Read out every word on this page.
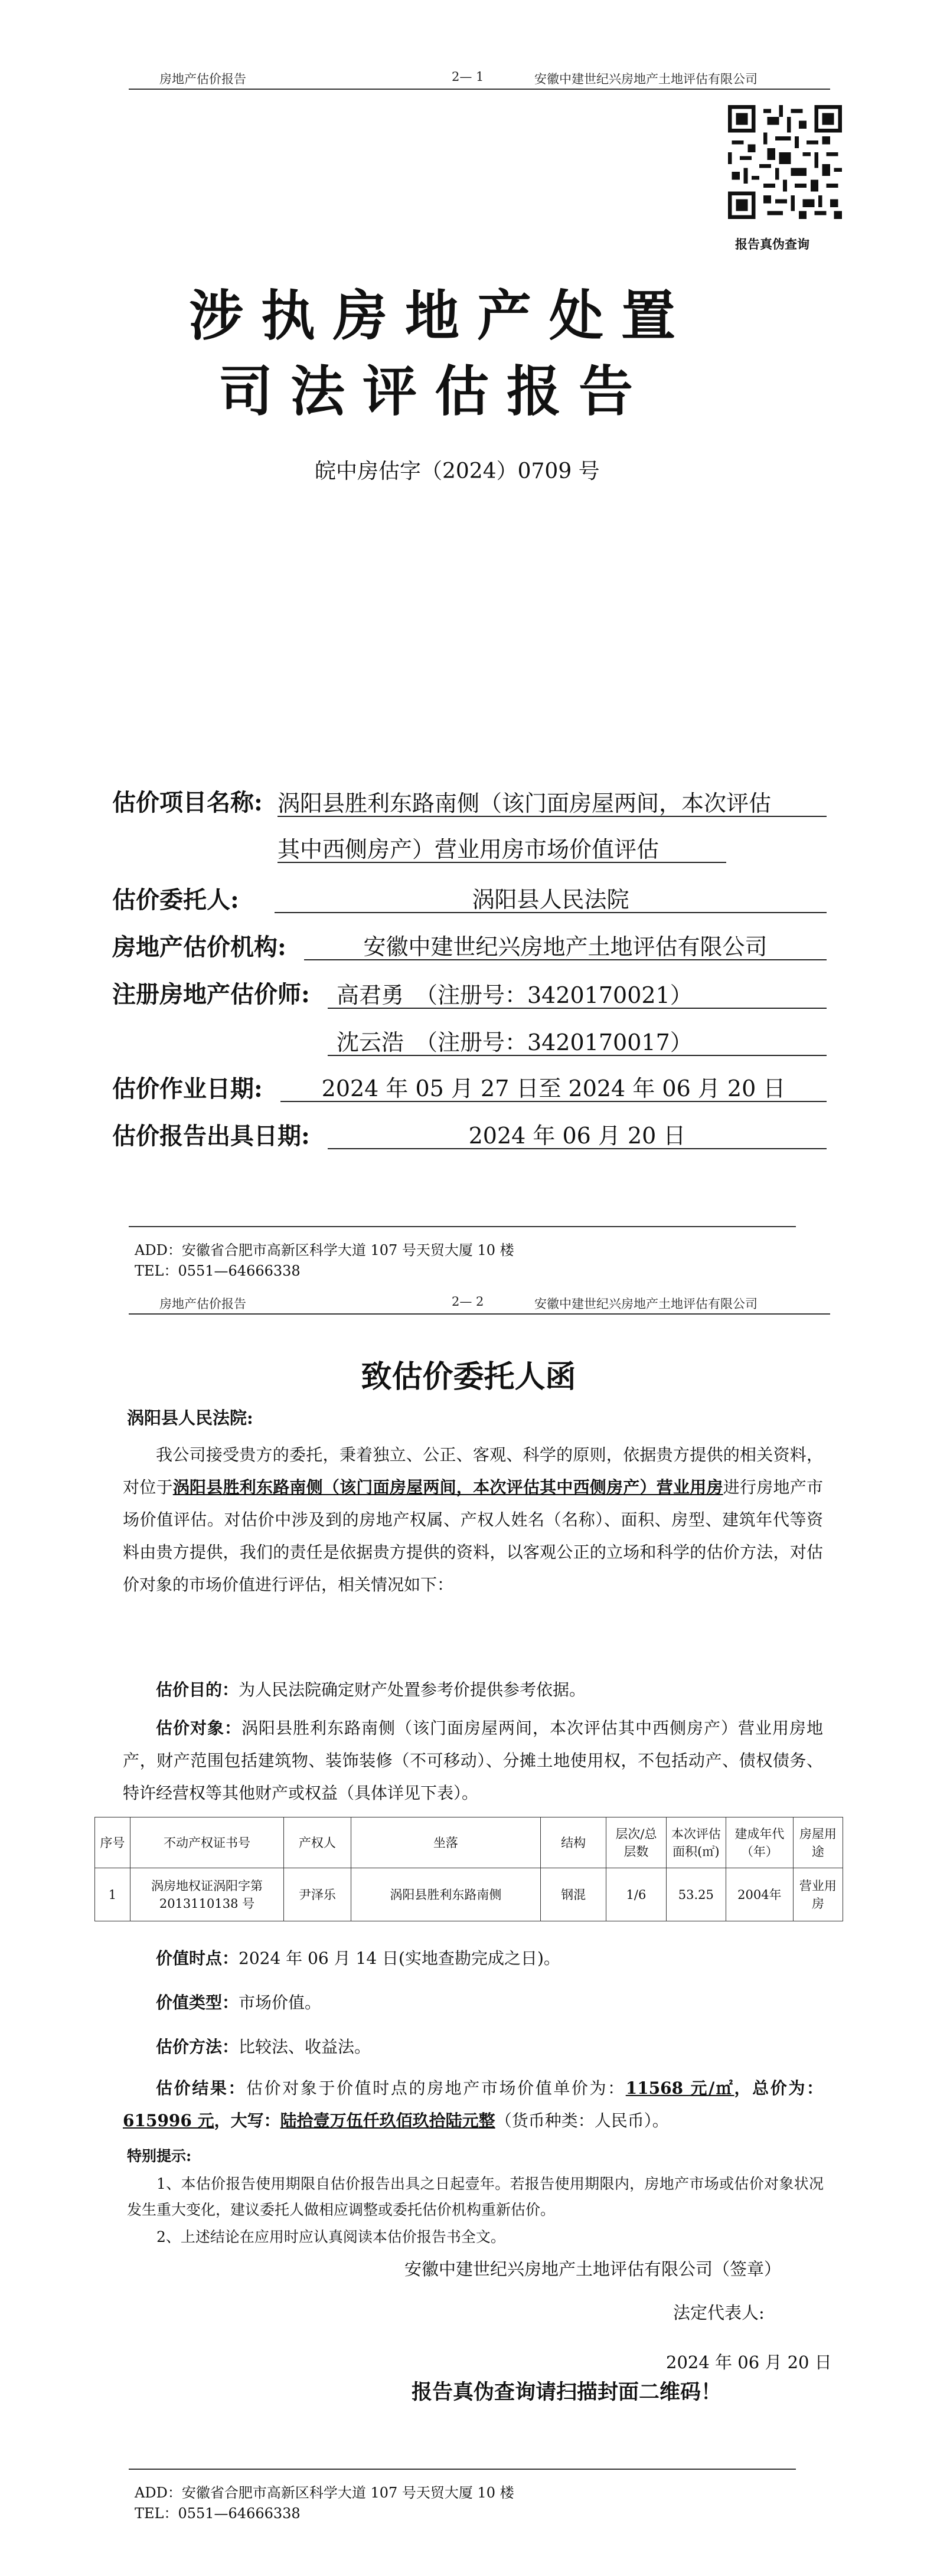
房地产估价报告	2— 1	安徽中建世纪兴房地产土地评估有限公司
报告真伪查询
涉执房地产处置
司法评估报告
皖中房估字（2024）0709 号
估价项目名称: 涡阳县胜利东路南侧（该门面房屋两间，本次评估
其中西侧房产）营业用房市场价值评估
估价委托人:	涡阳县人民法院
房地产估价机构:	安徽中建世纪兴房地产土地评估有限公司
注册房地产估价师: 高君勇　（注册号：3420170021）
沈云浩　（注册号：3420170017）
估价作业日期:	2024 年 05 月 27 日至 2024 年 06 月 20 日
估价报告出具日期:	2024 年 06 月 20 日
ADD：安徽省合肥市高新区科学大道 107 号天贸大厦 10 楼
TEL：0551—64666338
房地产估价报告	2— 2	安徽中建世纪兴房地产土地评估有限公司
致估价委托人函
涡阳县人民法院:
我公司接受贵方的委托，秉着独立、公正、客观、科学的原则，依据贵方提供的相关资料，对位于涡阳县胜利东路南侧（该门面房屋两间，本次评估其中西侧房产）营业用房进行房地产市场价值评估。对估价中涉及到的房地产权属、产权人姓名（名称）、面积、房型、建筑年代等资料由贵方提供，我们的责任是依据贵方提供的资料，以客观公正的立场和科学的估价方法，对估价对象的市场价值进行评估，相关情况如下：
估价目的：为人民法院确定财产处置参考价提供参考依据。
估价对象：涡阳县胜利东路南侧（该门面房屋两间，本次评估其中西侧房产）营业用房地产，财产范围包括建筑物、装饰装修（不可移动）、分摊土地使用权，不包括动产、债权债务、特许经营权等其他财产或权益（具体详见下表）。
序号	不动产权证书号	产权人	坐落	结构	层次/总层数	本次评估面积(㎡)	建成年代（年）	房屋用途
1	涡房地权证涡阳字第 2013110138 号	尹泽乐	涡阳县胜利东路南侧	钢混	1/6	53.25	2004年	营业用房
价值时点：2024 年 06 月 14 日(实地查勘完成之日)。
价值类型：市场价值。
估价方法：比较法、收益法。
估价结果：估价对象于价值时点的房地产市场价值单价为：11568 元/㎡，总价为：615996 元，大写：陆拾壹万伍仟玖佰玖拾陆元整（货币种类：人民币）。
特别提示:
1、本估价报告使用期限自估价报告出具之日起壹年。若报告使用期限内，房地产市场或估价对象状况发生重大变化，建议委托人做相应调整或委托估价机构重新估价。
2、上述结论在应用时应认真阅读本估价报告书全文。
安徽中建世纪兴房地产土地评估有限公司（签章）
法定代表人:
2024 年 06 月 20 日
报告真伪查询请扫描封面二维码！
ADD：安徽省合肥市高新区科学大道 107 号天贸大厦 10 楼
TEL：0551—64666338
